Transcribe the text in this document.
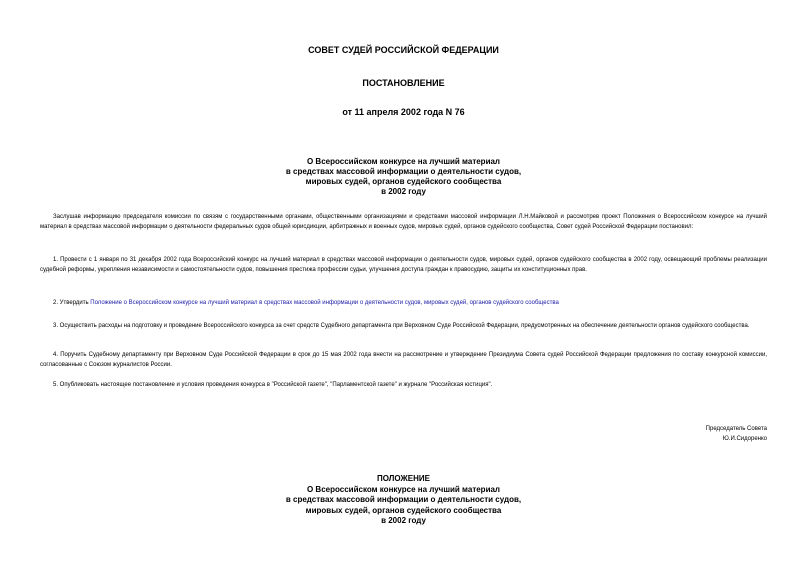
СОВЕТ СУДЕЙ РОССИЙСКОЙ ФЕДЕРАЦИИ
ПОСТАНОВЛЕНИЕ
от 11 апреля 2002 года N 76
О Всероссийском конкурсе на лучший материал
в средствах массовой информации о деятельности судов,
мировых судей, органов судейского сообщества
в 2002 году

Заслушав информацию председателя комиссии по связям с государственными органами, общественными организациями и средствами массовой информации Л.Н.Майковой и рассмотрев проект Положения о Всероссийском конкурсе на лучший материал в средствах массовой информации о деятельности федеральных судов общей юрисдикции, арбитражных и военных судов, мировых судей, органов судейского сообщества, Совет судей Российской Федерации постановил:

1. Провести с 1 января по 31 декабря 2002 года Всероссийский конкурс на лучший материал в средствах массовой информации о деятельности судов, мировых судей, органов судейского сообщества в 2002 году, освещающий проблемы реализации судебной реформы, укрепления независимости и самостоятельности судов, повышения престижа профессии судьи, улучшения доступа граждан к правосудию, защиты их конституционных прав.

2. Утвердить Положение о Всероссийском конкурсе на лучший материал в средствах массовой информации о деятельности судов, мировых судей, органов судейского сообщества

3. Осуществить расходы на подготовку и проведение Всероссийского конкурса за счет средств Судебного департамента при Верховном Суде Российской Федерации, предусмотренных на обеспечение деятельности органов судейского сообщества.

4. Поручить Судебному департаменту при Верховном Суде Российской Федерации в срок до 15 мая 2002 года внести на рассмотрение и утверждение Президиума Совета судей Российской Федерации предложения по составу конкурсной комиссии, согласованные с Союзом журналистов России.

5. Опубликовать настоящее постановление и условия проведения конкурса в "Российской газете", "Парламентской газете" и журнале "Российская юстиция".

Председатель Совета
Ю.И.Сидоренко
ПОЛОЖЕНИЕ
О Всероссийском конкурсе на лучший материал
в средствах массовой информации о деятельности судов,
мировых судей, органов судейского сообщества
в 2002 году
